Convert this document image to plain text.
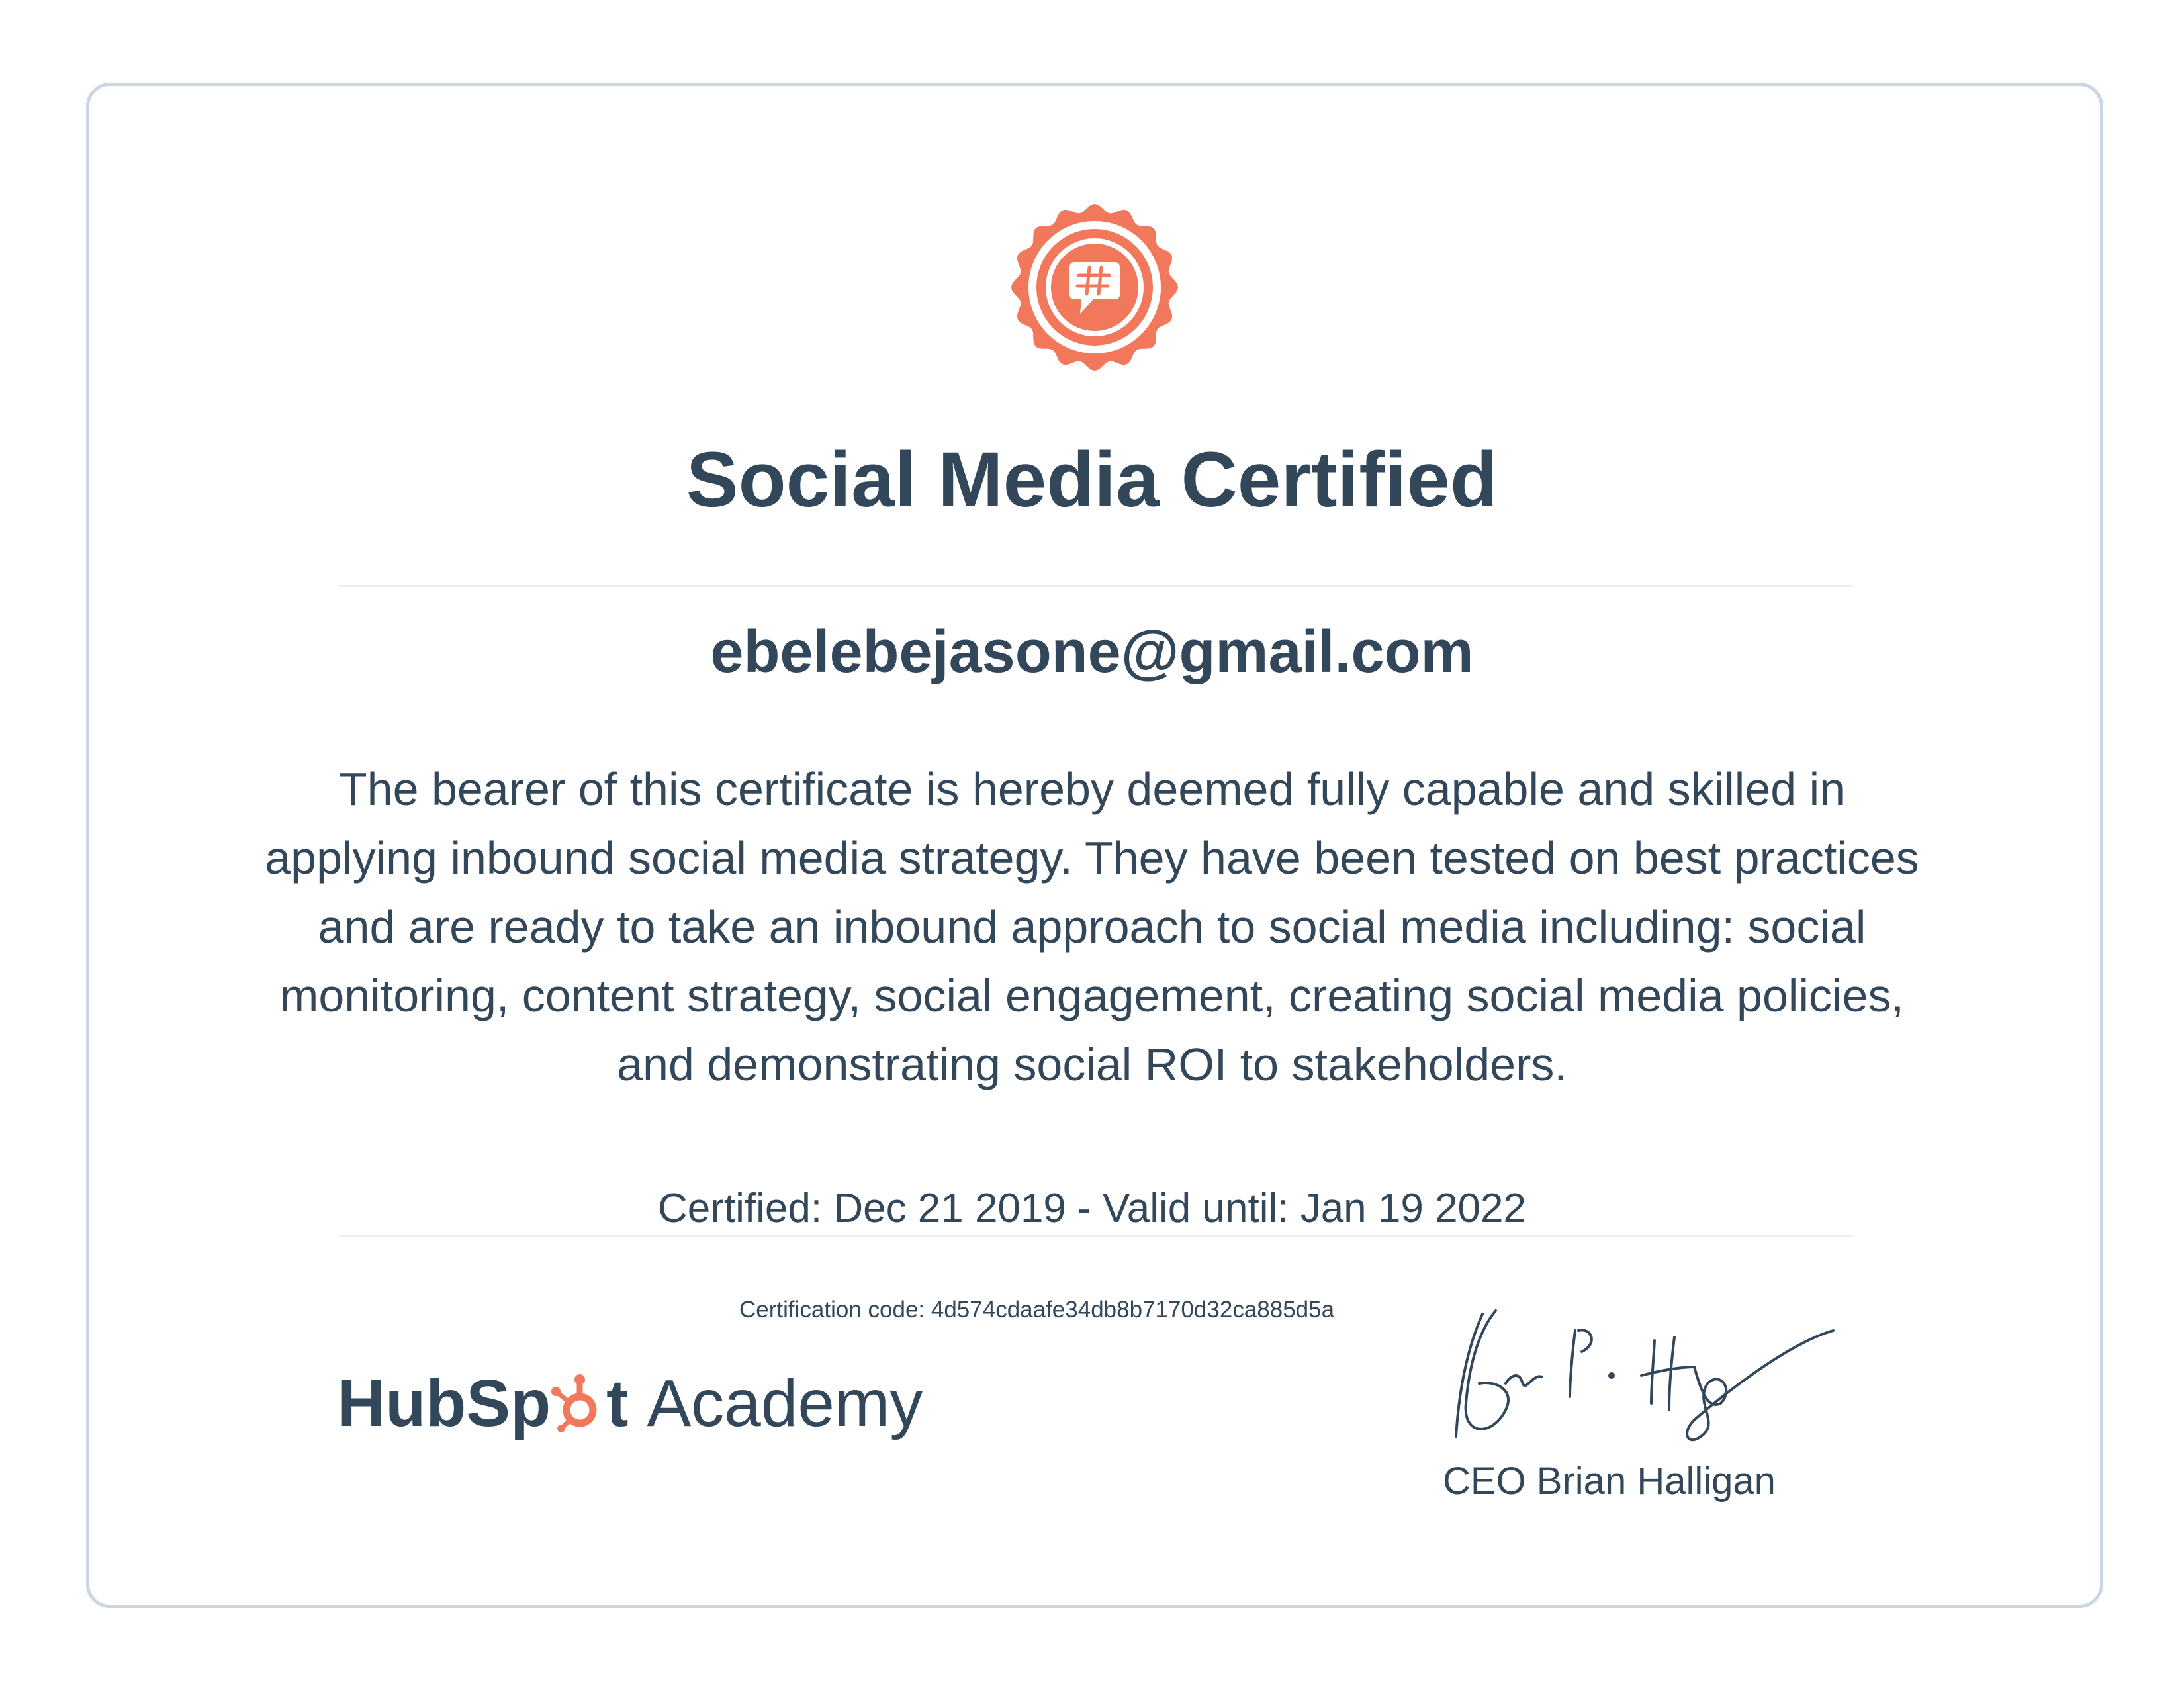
Social Media Certified
ebelebejasone@gmail.com

The bearer of this certificate is hereby deemed fully capable and skilled in applying inbound social media strategy. They have been tested on best practices and are ready to take an inbound approach to social media including: social monitoring, content strategy, social engagement, creating social media policies, and demonstrating social ROI to stakeholders.

Certified: Dec 21 2019 - Valid until: Jan 19 2022
Certification code: 4d574cdaafe34db8b7170d32ca885d5a
HubSp t Academy
CEO Brian Halligan
